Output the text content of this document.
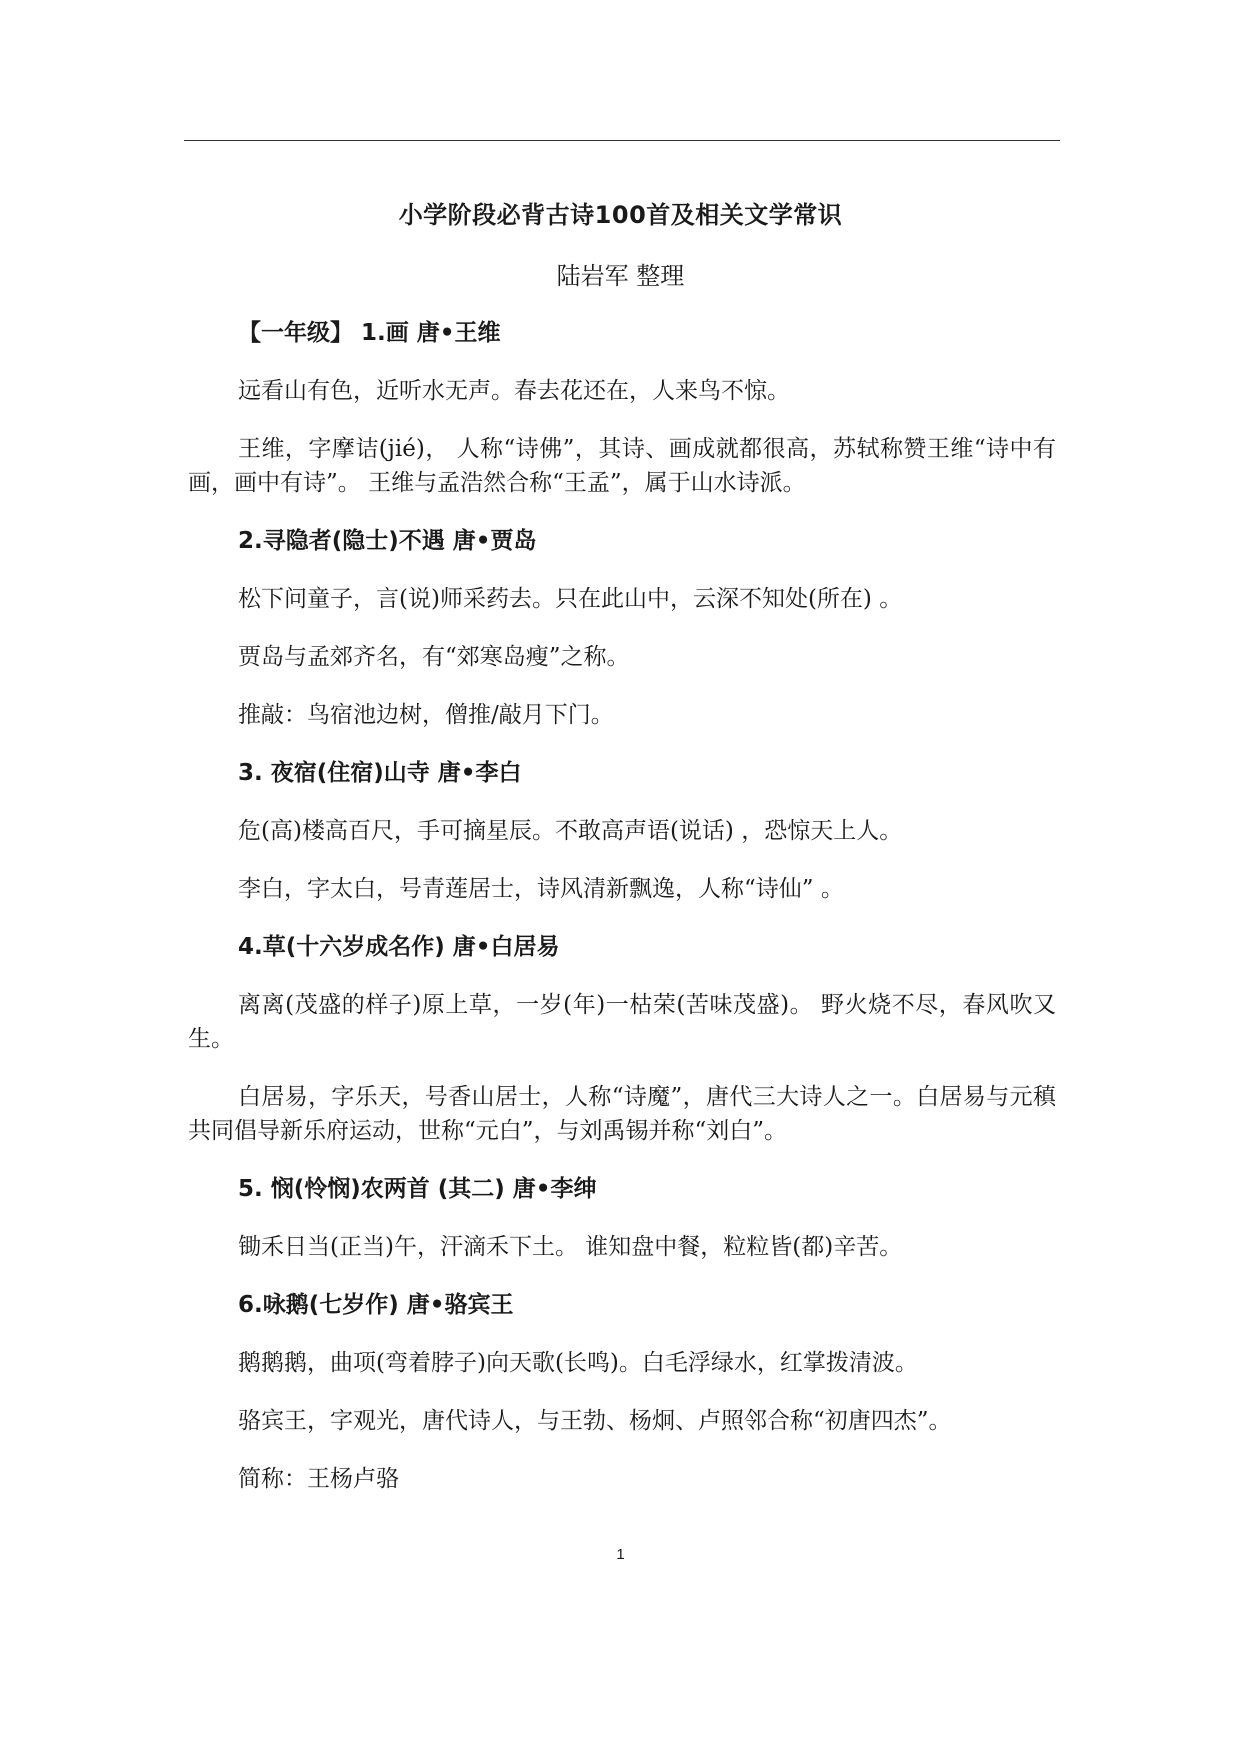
小学阶段必背古诗100首及相关文学常识
陆岩军 整理
【一年级】 1.画 唐•王维

远看山有色，近听水无声。春去花还在，人来鸟不惊。

王维，字摩诘(jié)， 人称“诗佛”，其诗、画成就都很高，苏轼称赞王维“诗中有画，画中有诗”。 王维与孟浩然合称“王孟”，属于山水诗派。

2.寻隐者(隐士)不遇 唐•贾岛

松下问童子，言(说)师采药去。只在此山中，云深不知处(所在) 。

贾岛与孟郊齐名，有“郊寒岛瘦”之称。

推敲：鸟宿池边树，僧推/敲月下门。

3. 夜宿(住宿)山寺 唐•李白

危(高)楼高百尺，手可摘星辰。不敢高声语(说话) ，恐惊天上人。

李白，字太白，号青莲居士，诗风清新飘逸，人称“诗仙” 。

4.草(十六岁成名作) 唐•白居易

离离(茂盛的样子)原上草，一岁(年)一枯荣(苦味茂盛)。 野火烧不尽，春风吹又生。

白居易，字乐天，号香山居士，人称“诗魔”，唐代三大诗人之一。白居易与元稹共同倡导新乐府运动，世称“元白”，与刘禹锡并称“刘白”。

5. 悯(怜悯)农两首 (其二) 唐•李绅

锄禾日当(正当)午，汗滴禾下土。 谁知盘中餐，粒粒皆(都)辛苦。

6.咏鹅(七岁作) 唐•骆宾王

鹅鹅鹅，曲项(弯着脖子)向天歌(长鸣)。白毛浮绿水，红掌拨清波。

骆宾王，字观光，唐代诗人，与王勃、杨炯、卢照邻合称“初唐四杰”。

简称：王杨卢骆

1
